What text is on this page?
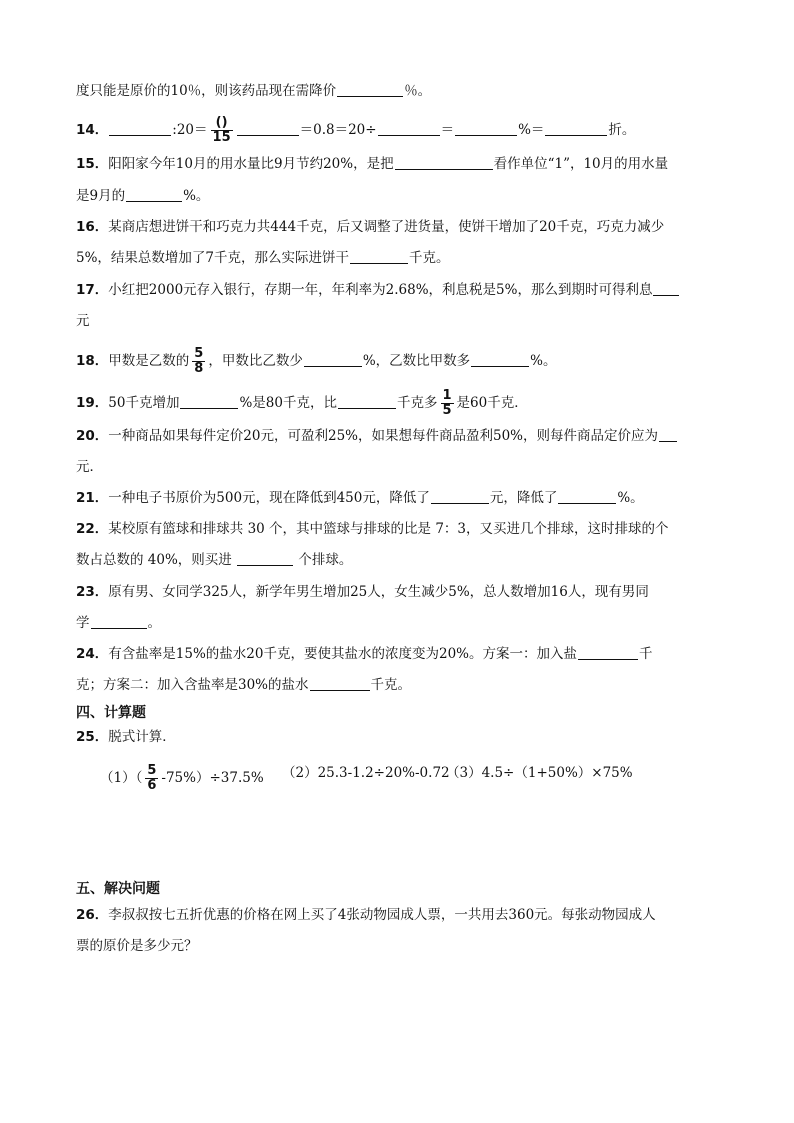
度只能是原价的10％，则该药品现在需降价	％。
14．	:20＝ $\frac{()}{15}$	＝0.8＝20÷	＝	%＝	折。
15．阳阳家今年10月的用水量比9月节约20%，是把	看作单位“1”，10月的用水量
是9月的	%。
16．某商店想进饼干和巧克力共444千克，后又调整了进货量，使饼干增加了20千克，巧克力减少
5%，结果总数增加了7千克，那么实际进饼干	千克。
17．小红把2000元存入银行，存期一年，年利率为2.68%，利息税是5%，那么到期时可得利息
元
18．甲数是乙数的 $\frac{5}{8}$ ，甲数比乙数少	%，乙数比甲数多	%。
19．50千克增加	%是80千克，比	千克多 $\frac{1}{5}$ 是60千克．
20．一种商品如果每件定价20元，可盈利25%，如果想每件商品盈利50%，则每件商品定价应为
元．
21．一种电子书原价为500元，现在降低到450元，降低了	元，降低了	%。
22．某校原有篮球和排球共 30 个，其中篮球与排球的比是 7：3，又买进几个排球，这时排球的个
数占总数的 40%，则买进	个排球。
23．原有男、女同学325人，新学年男生增加25人，女生减少5%，总人数增加16人，现有男同
学	。
24．有含盐率是15%的盐水20千克，要使其盐水的浓度变为20%。方案一：加入盐	千
克；方案二：加入含盐率是30%的盐水	千克。
四、计算题
25．脱式计算．
$(1)( \frac{5}{6} -75\%)\div 37.5\%$ （2）25.3-1.2÷20%-0.72
（3）4.5÷（1+50%）×75%
五、解决问题
26．李叔叔按七五折优惠的价格在网上买了4张动物园成人票，一共用去360元。每张动物园成人
票的原价是多少元？
